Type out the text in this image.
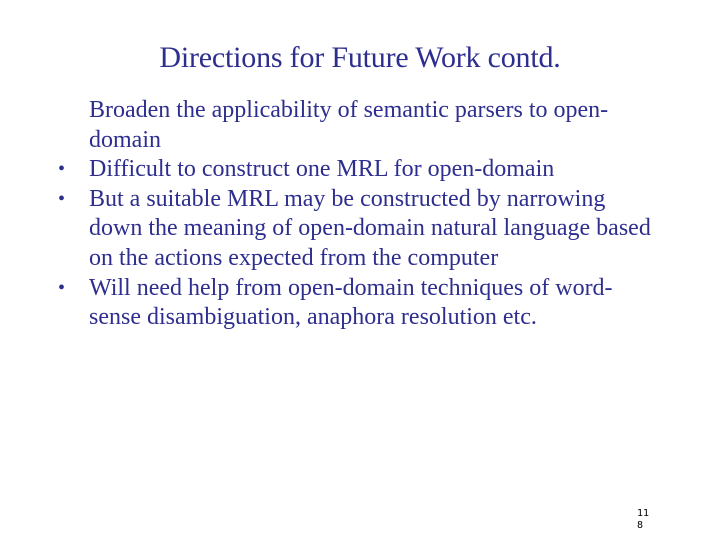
Directions for Future Work contd.
Broaden the applicability of semantic parsers to open-domain
• Difficult to construct one MRL for open-domain
• But a suitable MRL may be constructed by narrowing down the meaning of open-domain natural language based on the actions expected from the computer
• Will need help from open-domain techniques of word-sense disambiguation, anaphora resolution etc.
118
